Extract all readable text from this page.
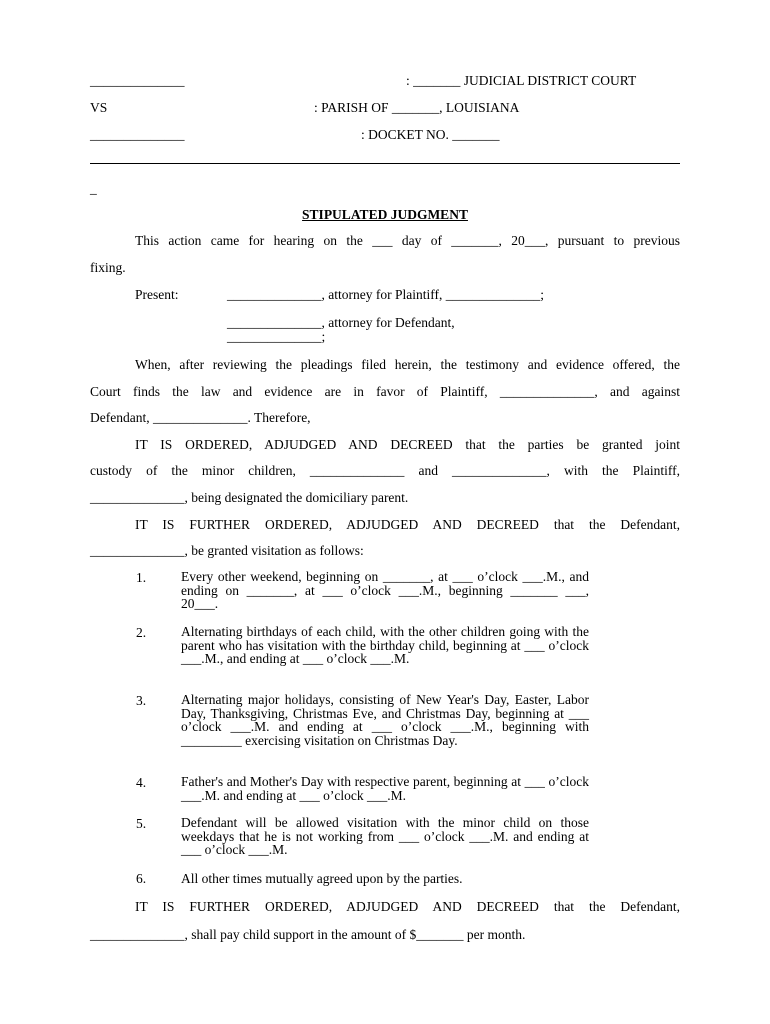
______________	: _______ JUDICIAL DISTRICT COURT
VS	: PARISH OF _______, LOUISIANA
______________	: DOCKET NO. _______
_
STIPULATED JUDGMENT
This action came for hearing on the ___ day of _______, 20___, pursuant to previous
fixing.
Present:	______________, attorney for Plaintiff, ______________;
______________, attorney for Defendant,
______________;
When, after reviewing the pleadings filed herein, the testimony and evidence offered, the
Court finds the law and evidence are in favor of Plaintiff, ______________, and against
Defendant, ______________. Therefore,
IT IS ORDERED, ADJUDGED AND DECREED that the parties be granted joint
custody of the minor children, ______________ and ______________, with the Plaintiff,
______________, being designated the domiciliary parent.
IT IS FURTHER ORDERED, ADJUDGED AND DECREED that the Defendant,
______________, be granted visitation as follows:
1.	Every other weekend, beginning on _______, at ___ o’clock ___.M., and ending on _______, at ___ o’clock ___.M., beginning _______ ___, 20___.
2.	Alternating birthdays of each child, with the other children going with the parent who has visitation with the birthday child, beginning at ___ o’clock ___.M., and ending at ___ o’clock ___.M.
3.	Alternating major holidays, consisting of New Year's Day, Easter, Labor Day, Thanksgiving, Christmas Eve, and Christmas Day, beginning at ___ o’clock ___.M. and ending at ___ o’clock ___.M., beginning with _________ exercising visitation on Christmas Day.
4.	Father's and Mother's Day with respective parent, beginning at ___ o’clock ___.M. and ending at ___ o’clock ___.M.
5.	Defendant will be allowed visitation with the minor child on those weekdays that he is not working from ___ o’clock ___.M. and ending at ___ o’clock ___.M.
6.	All other times mutually agreed upon by the parties.
IT IS FURTHER ORDERED, ADJUDGED AND DECREED that the Defendant,
______________, shall pay child support in the amount of $_______ per month.
